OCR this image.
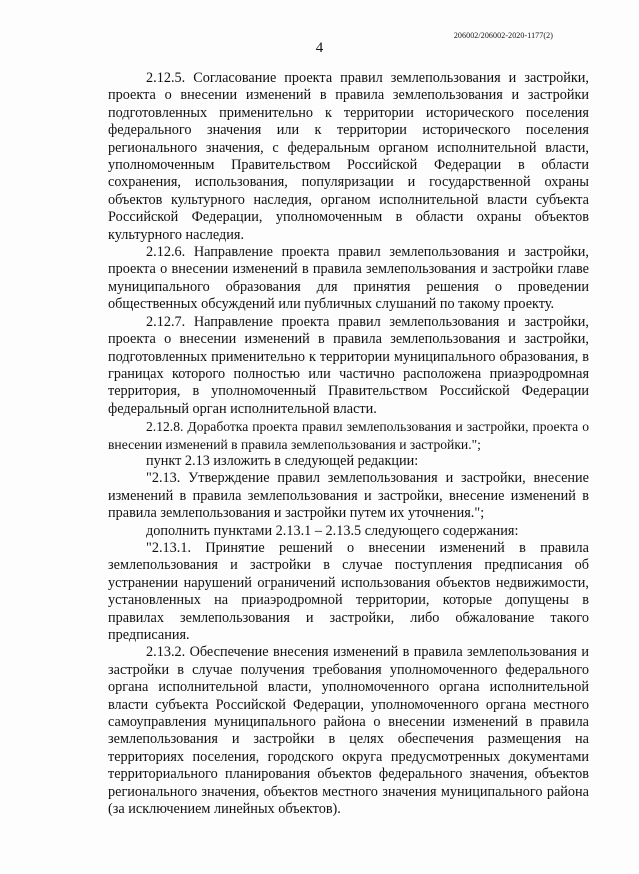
206002/206002-2020-1177(2)
4

2.12.5. Согласование проекта правил землепользования и застройки, проекта о внесении изменений в правила землепользования и застройки подготовленных применительно к территории исторического поселения федерального значения или к территории исторического поселения регионального значения, с федеральным органом исполнительной власти, уполномоченным Правительством Российской Федерации в области сохранения, использования, популяризации и государственной охраны объектов культурного наследия, органом исполнительной власти субъекта Российской Федерации, уполномоченным в области охраны объектов культурного наследия.

2.12.6. Направление проекта правил землепользования и застройки, проекта о внесении изменений в правила землепользования и застройки главе муниципального образования для принятия решения о проведении общественных обсуждений или публичных слушаний по такому проекту.

2.12.7. Направление проекта правил землепользования и застройки, проекта о внесении изменений в правила землепользования и застройки, подготовленных применительно к территории муниципального образования, в границах которого полностью или частично расположена приаэродромная территория, в уполномоченный Правительством Российской Федерации федеральный орган исполнительной власти.

2.12.8. Доработка проекта правил землепользования и застройки, проекта о внесении изменений в правила землепользования и застройки.";

пункт 2.13 изложить в следующей редакции:

"2.13. Утверждение правил землепользования и застройки, внесение изменений в правила землепользования и застройки, внесение изменений в правила землепользования и застройки путем их уточнения.";

дополнить пунктами 2.13.1 – 2.13.5 следующего содержания:

"2.13.1. Принятие решений о внесении изменений в правила землепользования и застройки в случае поступления предписания об устранении нарушений ограничений использования объектов недвижимости, установленных на приаэродромной территории, которые допущены в правилах землепользования и застройки, либо обжалование такого предписания.

2.13.2. Обеспечение внесения изменений в правила землепользования и застройки в случае получения требования уполномоченного федерального органа исполнительной власти, уполномоченного органа исполнительной власти субъекта Российской Федерации, уполномоченного органа местного самоуправления муниципального района о внесении изменений в правила землепользования и застройки в целях обеспечения размещения на территориях поселения, городского округа предусмотренных документами территориального планирования объектов федерального значения, объектов регионального значения, объектов местного значения муниципального района (за исключением линейных объектов).
